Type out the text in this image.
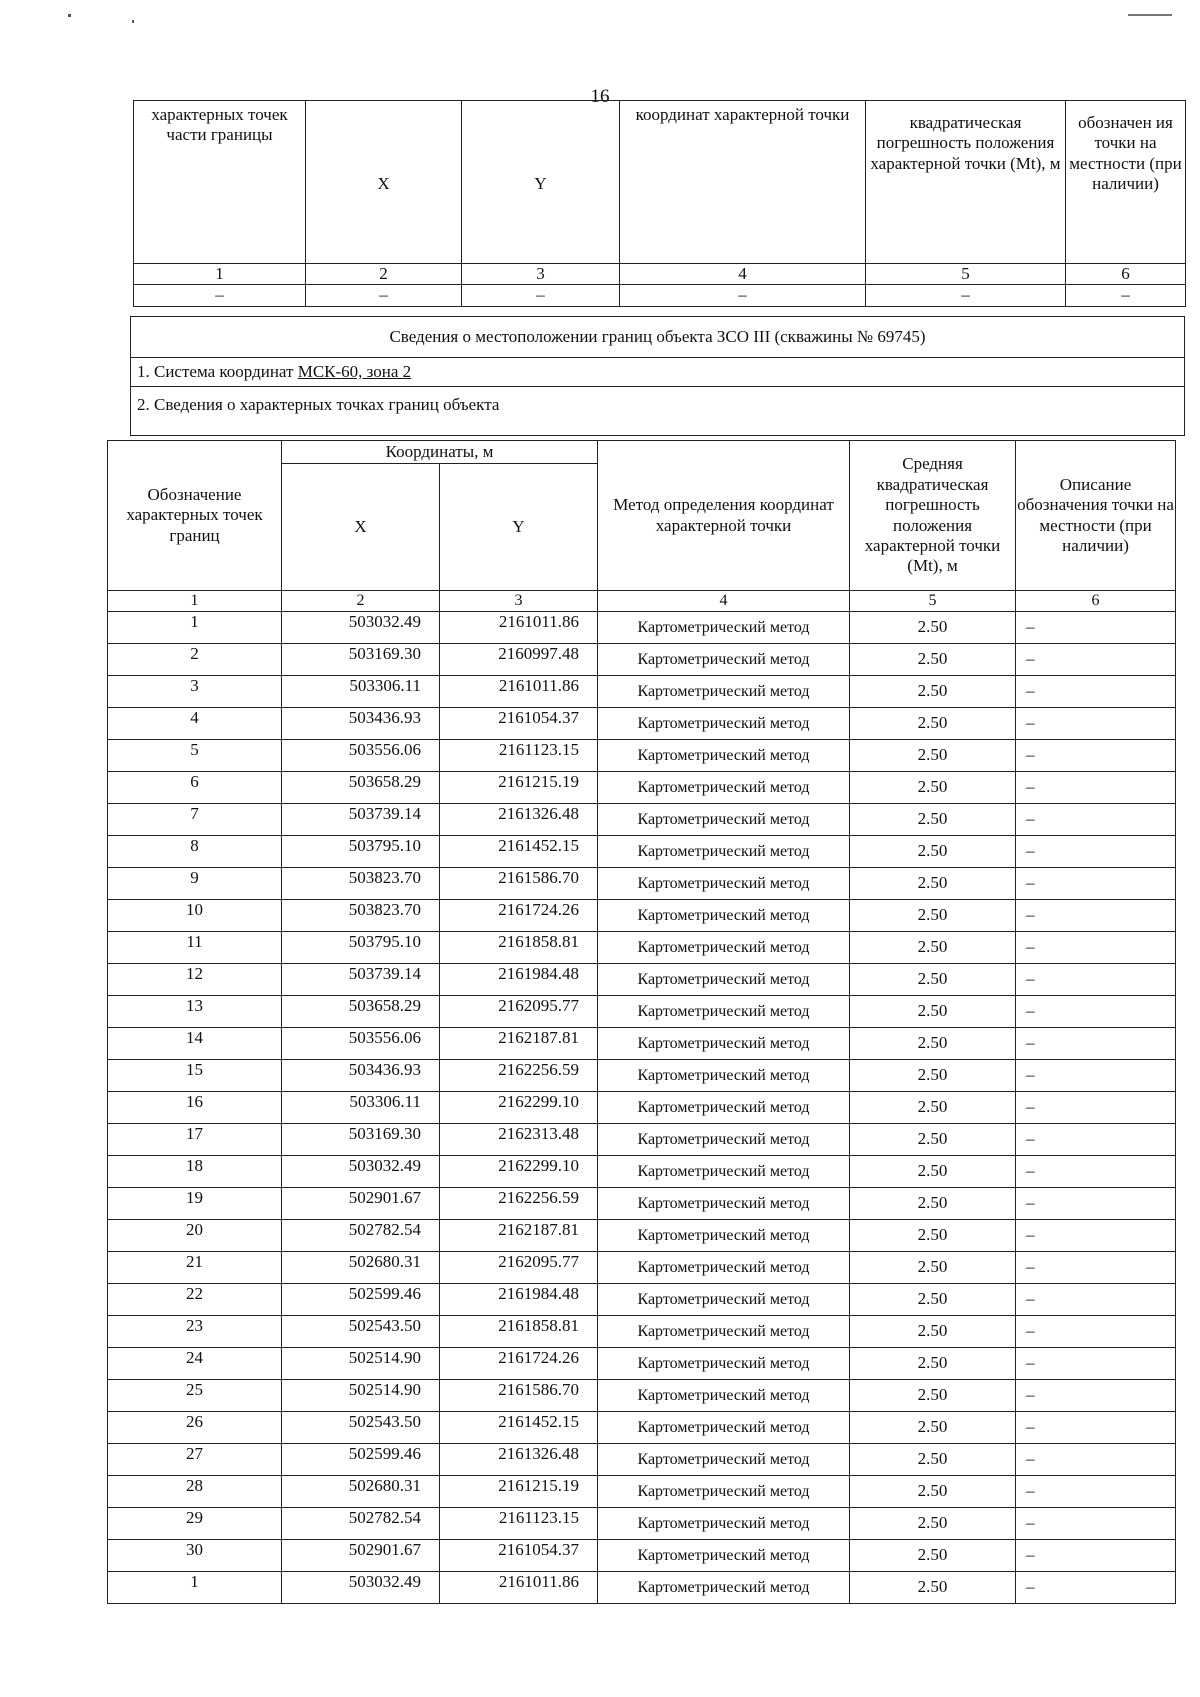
16
характерных точек части границы	X	Y	координат характерной точки	квадратическая погрешность положения характерной точки (Mt), м	обозначен ия точки на местности (при наличии)
1	2	3	4	5	6
–	–	–	–	–	–
Сведения о местоположении границ объекта ЗСО III (скважины № 69745)
1. Система координат МСК-60, зона 2
2. Сведения о характерных точках границ объекта
Обозначение характерных точек границ	Координаты, м		Метод определения координат характерной точки	Средняя квадратическая погрешность положения характерной точки (Mt), м	Описание обозначения точки на местности (при наличии)
	X	Y			
1	2	3	4	5	6
1	503032.49	2161011.86	Картометрический метод	2.50	–
2	503169.30	2160997.48	Картометрический метод	2.50	–
3	503306.11	2161011.86	Картометрический метод	2.50	–
4	503436.93	2161054.37	Картометрический метод	2.50	–
5	503556.06	2161123.15	Картометрический метод	2.50	–
6	503658.29	2161215.19	Картометрический метод	2.50	–
7	503739.14	2161326.48	Картометрический метод	2.50	–
8	503795.10	2161452.15	Картометрический метод	2.50	–
9	503823.70	2161586.70	Картометрический метод	2.50	–
10	503823.70	2161724.26	Картометрический метод	2.50	–
11	503795.10	2161858.81	Картометрический метод	2.50	–
12	503739.14	2161984.48	Картометрический метод	2.50	–
13	503658.29	2162095.77	Картометрический метод	2.50	–
14	503556.06	2162187.81	Картометрический метод	2.50	–
15	503436.93	2162256.59	Картометрический метод	2.50	–
16	503306.11	2162299.10	Картометрический метод	2.50	–
17	503169.30	2162313.48	Картометрический метод	2.50	–
18	503032.49	2162299.10	Картометрический метод	2.50	–
19	502901.67	2162256.59	Картометрический метод	2.50	–
20	502782.54	2162187.81	Картометрический метод	2.50	–
21	502680.31	2162095.77	Картометрический метод	2.50	–
22	502599.46	2161984.48	Картометрический метод	2.50	–
23	502543.50	2161858.81	Картометрический метод	2.50	–
24	502514.90	2161724.26	Картометрический метод	2.50	–
25	502514.90	2161586.70	Картометрический метод	2.50	–
26	502543.50	2161452.15	Картометрический метод	2.50	–
27	502599.46	2161326.48	Картометрический метод	2.50	–
28	502680.31	2161215.19	Картометрический метод	2.50	–
29	502782.54	2161123.15	Картометрический метод	2.50	–
30	502901.67	2161054.37	Картометрический метод	2.50	–
1	503032.49	2161011.86	Картометрический метод	2.50	–
